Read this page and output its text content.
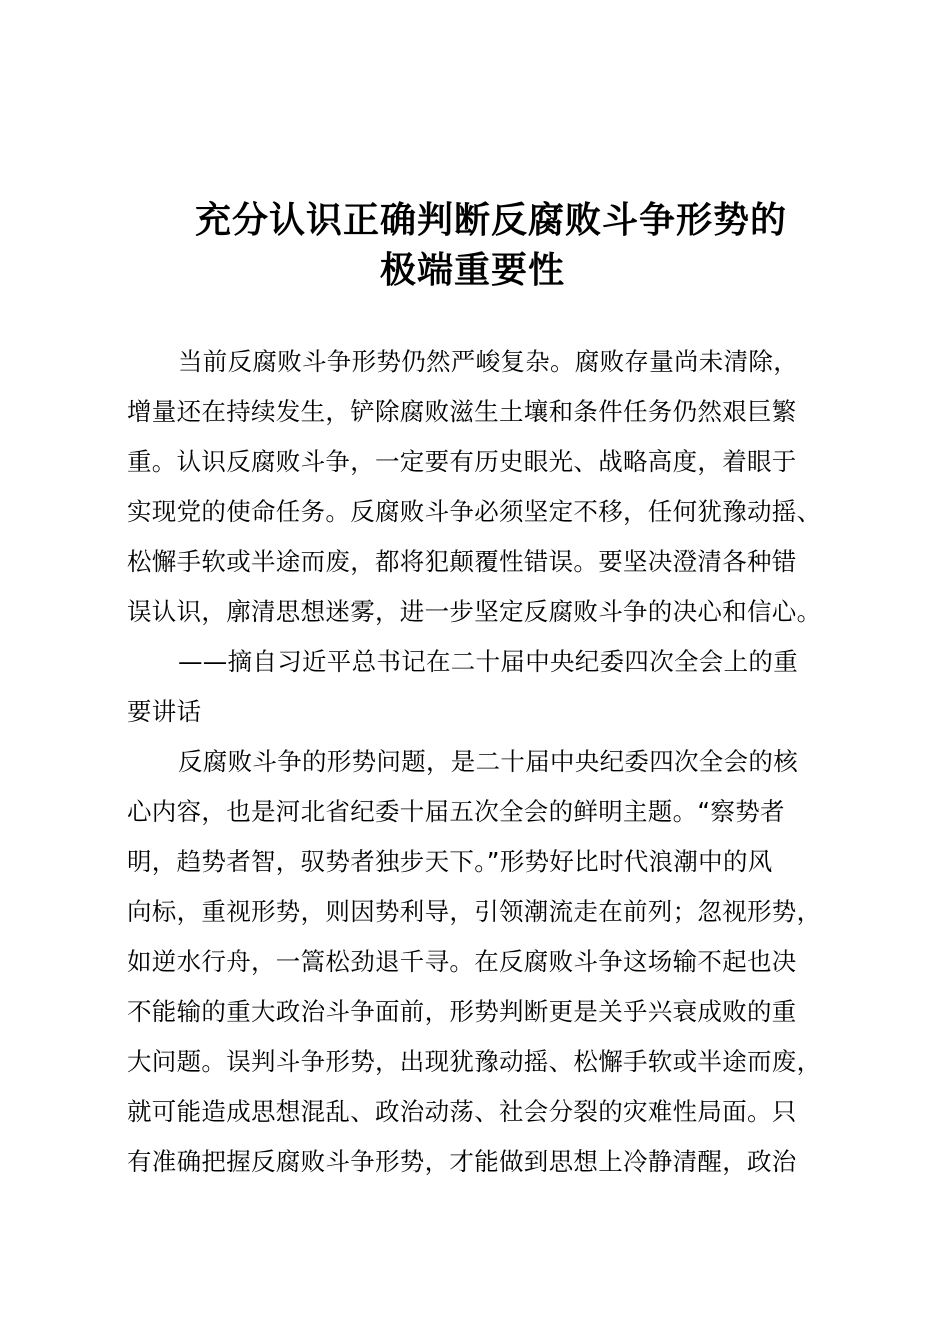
充分认识正确判断反腐败斗争形势的
极端重要性
当前反腐败斗争形势仍然严峻复杂。腐败存量尚未清除，
增量还在持续发生，铲除腐败滋生土壤和条件任务仍然艰巨繁
重。认识反腐败斗争，一定要有历史眼光、战略高度，着眼于
实现党的使命任务。反腐败斗争必须坚定不移，任何犹豫动摇、
松懈手软或半途而废，都将犯颠覆性错误。要坚决澄清各种错
误认识，廓清思想迷雾，进一步坚定反腐败斗争的决心和信心。
——摘自习近平总书记在二十届中央纪委四次全会上的重
要讲话
反腐败斗争的形势问题，是二十届中央纪委四次全会的核
心内容，也是河北省纪委十届五次全会的鲜明主题。“察势者
明，趋势者智，驭势者独步天下。”形势好比时代浪潮中的风
向标，重视形势，则因势利导，引领潮流走在前列；忽视形势，
如逆水行舟，一篙松劲退千寻。在反腐败斗争这场输不起也决
不能输的重大政治斗争面前，形势判断更是关乎兴衰成败的重
大问题。误判斗争形势，出现犹豫动摇、松懈手软或半途而废，
就可能造成思想混乱、政治动荡、社会分裂的灾难性局面。只
有准确把握反腐败斗争形势，才能做到思想上冷静清醒，政治
